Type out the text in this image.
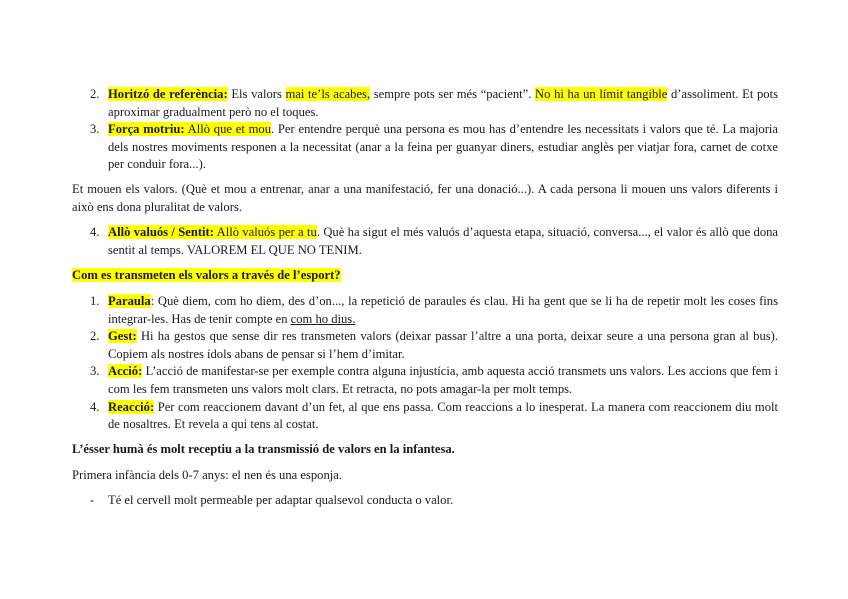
2. Horitzó de referència: Els valors mai te’ls acabes, sempre pots ser més “pacient”. No hi ha un límit tangible d’assoliment. Et pots aproximar gradualment però no el toques.
3. Força motriu: Allò que et mou. Per entendre perquè una persona es mou has d’entendre les necessitats i valors que té. La majoria dels nostres moviments responen a la necessitat (anar a la feina per guanyar diners, estudiar anglès per viatjar fora, carnet de cotxe per conduir fora...).

Et mouen els valors. (Què et mou a entrenar, anar a una manifestació, fer una donació...). A cada persona li mouen uns valors diferents i això ens dona pluralitat de valors.

4. Allò valuós / Sentit: Allò valuós per a tu. Què ha sigut el més valuós d’aquesta etapa, situació, conversa..., el valor és allò que dona sentit al temps. VALOREM EL QUE NO TENIM.
Com es transmeten els valors a través de l’esport?
1. Paraula: Què diem, com ho diem, des d’on..., la repetició de paraules és clau. Hi ha gent que se li ha de repetir molt les coses fins integrar-les. Has de tenir compte en com ho dius.
2. Gest: Hi ha gestos que sense dir res transmeten valors (deixar passar l’altre a una porta, deixar seure a una persona gran al bus). Copiem als nostres ídols abans de pensar si l’hem d’imitar.
3. Acció: L’acció de manifestar-se per exemple contra alguna injustícia, amb aquesta acció transmets uns valors. Les accions que fem i com les fem transmeten uns valors molt clars. Et retracta, no pots amagar-la per molt temps.
4. Reacció: Per com reaccionem davant d’un fet, al que ens passa. Com reaccions a lo inesperat. La manera com reaccionem diu molt de nosaltres. Et revela a qui tens al costat.
L’ésser humà és molt receptiu a la transmissió de valors en la infantesa.
Primera infància dels 0-7 anys: el nen és una esponja.
-	Té el cervell molt permeable per adaptar qualsevol conducta o valor.
